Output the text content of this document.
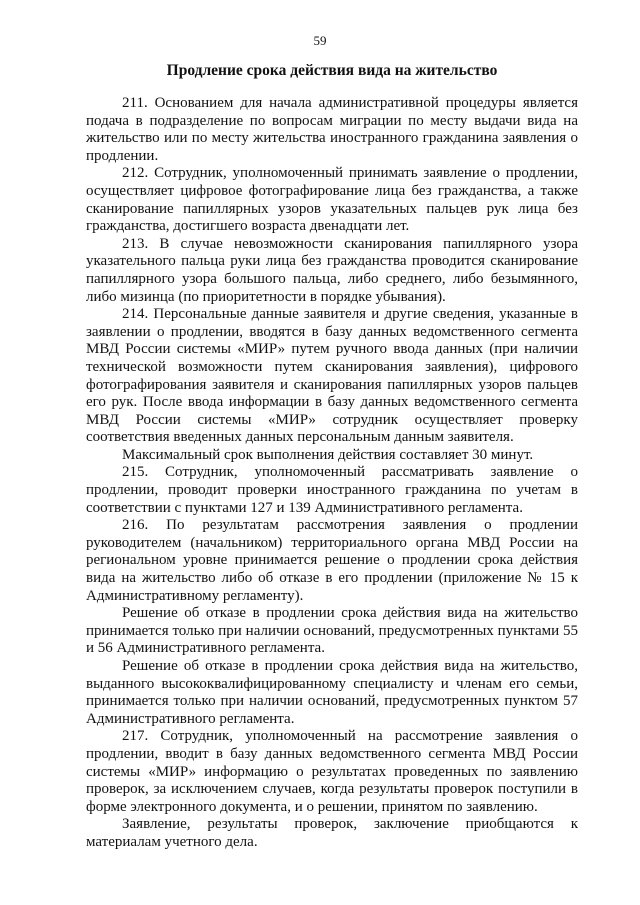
59
Продление срока действия вида на жительство

211. Основанием для начала административной процедуры является подача в подразделение по вопросам миграции по месту выдачи вида на жительство или по месту жительства иностранного гражданина заявления о продлении.

212. Сотрудник, уполномоченный принимать заявление о продлении, осуществляет цифровое фотографирование лица без гражданства, а также сканирование папиллярных узоров указательных пальцев рук лица без гражданства, достигшего возраста двенадцати лет.

213. В случае невозможности сканирования папиллярного узора указательного пальца руки лица без гражданства проводится сканирование папиллярного узора большого пальца, либо среднего, либо безымянного, либо мизинца (по приоритетности в порядке убывания).

214. Персональные данные заявителя и другие сведения, указанные в заявлении о продлении, вводятся в базу данных ведомственного сегмента МВД России системы «МИР» путем ручного ввода данных (при наличии технической возможности путем сканирования заявления), цифрового фотографирования заявителя и сканирования папиллярных узоров пальцев его рук. После ввода информации в базу данных ведомственного сегмента МВД России системы «МИР» сотрудник осуществляет проверку соответствия введенных данных персональным данным заявителя.

Максимальный срок выполнения действия составляет 30 минут.

215. Сотрудник, уполномоченный рассматривать заявление о продлении, проводит проверки иностранного гражданина по учетам в соответствии с пунктами 127 и 139 Административного регламента.

216. По результатам рассмотрения заявления о продлении руководителем (начальником) территориального органа МВД России на региональном уровне принимается решение о продлении срока действия вида на жительство либо об отказе в его продлении (приложение № 15 к Административному регламенту).

Решение об отказе в продлении срока действия вида на жительство принимается только при наличии оснований, предусмотренных пунктами 55 и 56 Административного регламента.

Решение об отказе в продлении срока действия вида на жительство, выданного высококвалифицированному специалисту и членам его семьи, принимается только при наличии оснований, предусмотренных пунктом 57 Административного регламента.

217. Сотрудник, уполномоченный на рассмотрение заявления о продлении, вводит в базу данных ведомственного сегмента МВД России системы «МИР» информацию о результатах проведенных по заявлению проверок, за исключением случаев, когда результаты проверок поступили в форме электронного документа, и о решении, принятом по заявлению.

Заявление, результаты проверок, заключение приобщаются к материалам учетного дела.
